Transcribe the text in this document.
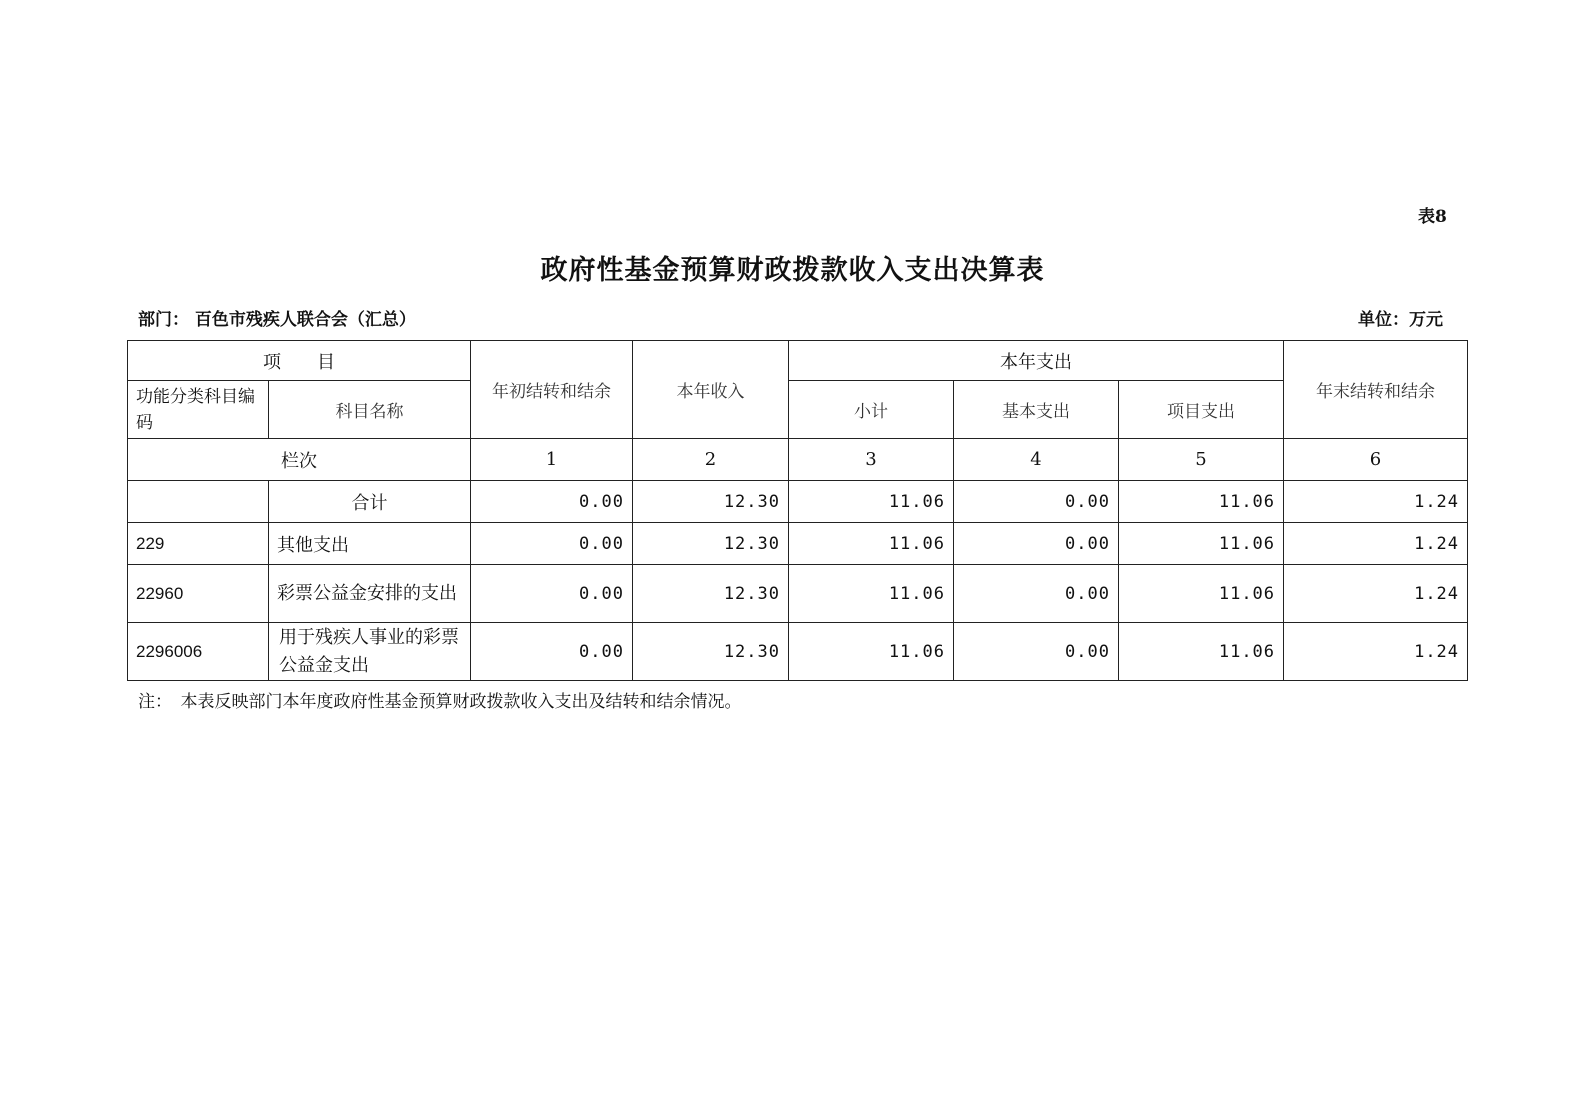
表8
政府性基金预算财政拨款收入支出决算表
部门： 百色市残疾人联合会（汇总）	单位：万元
项　　目		年初结转和结余	本年收入	本年支出			年末结转和结余
功能分类科目编码	科目名称			小计	基本支出	项目支出	
栏次		1	2	3	4	5	6
	合计	0.00	12.30	11.06	0.00	11.06	1.24
229	其他支出	0.00	12.30	11.06	0.00	11.06	1.24
22960	彩票公益金安排的支出	0.00	12.30	11.06	0.00	11.06	1.24
2296006	用于残疾人事业的彩票公益金支出	0.00	12.30	11.06	0.00	11.06	1.24
注：　本表反映部门本年度政府性基金预算财政拨款收入支出及结转和结余情况。
